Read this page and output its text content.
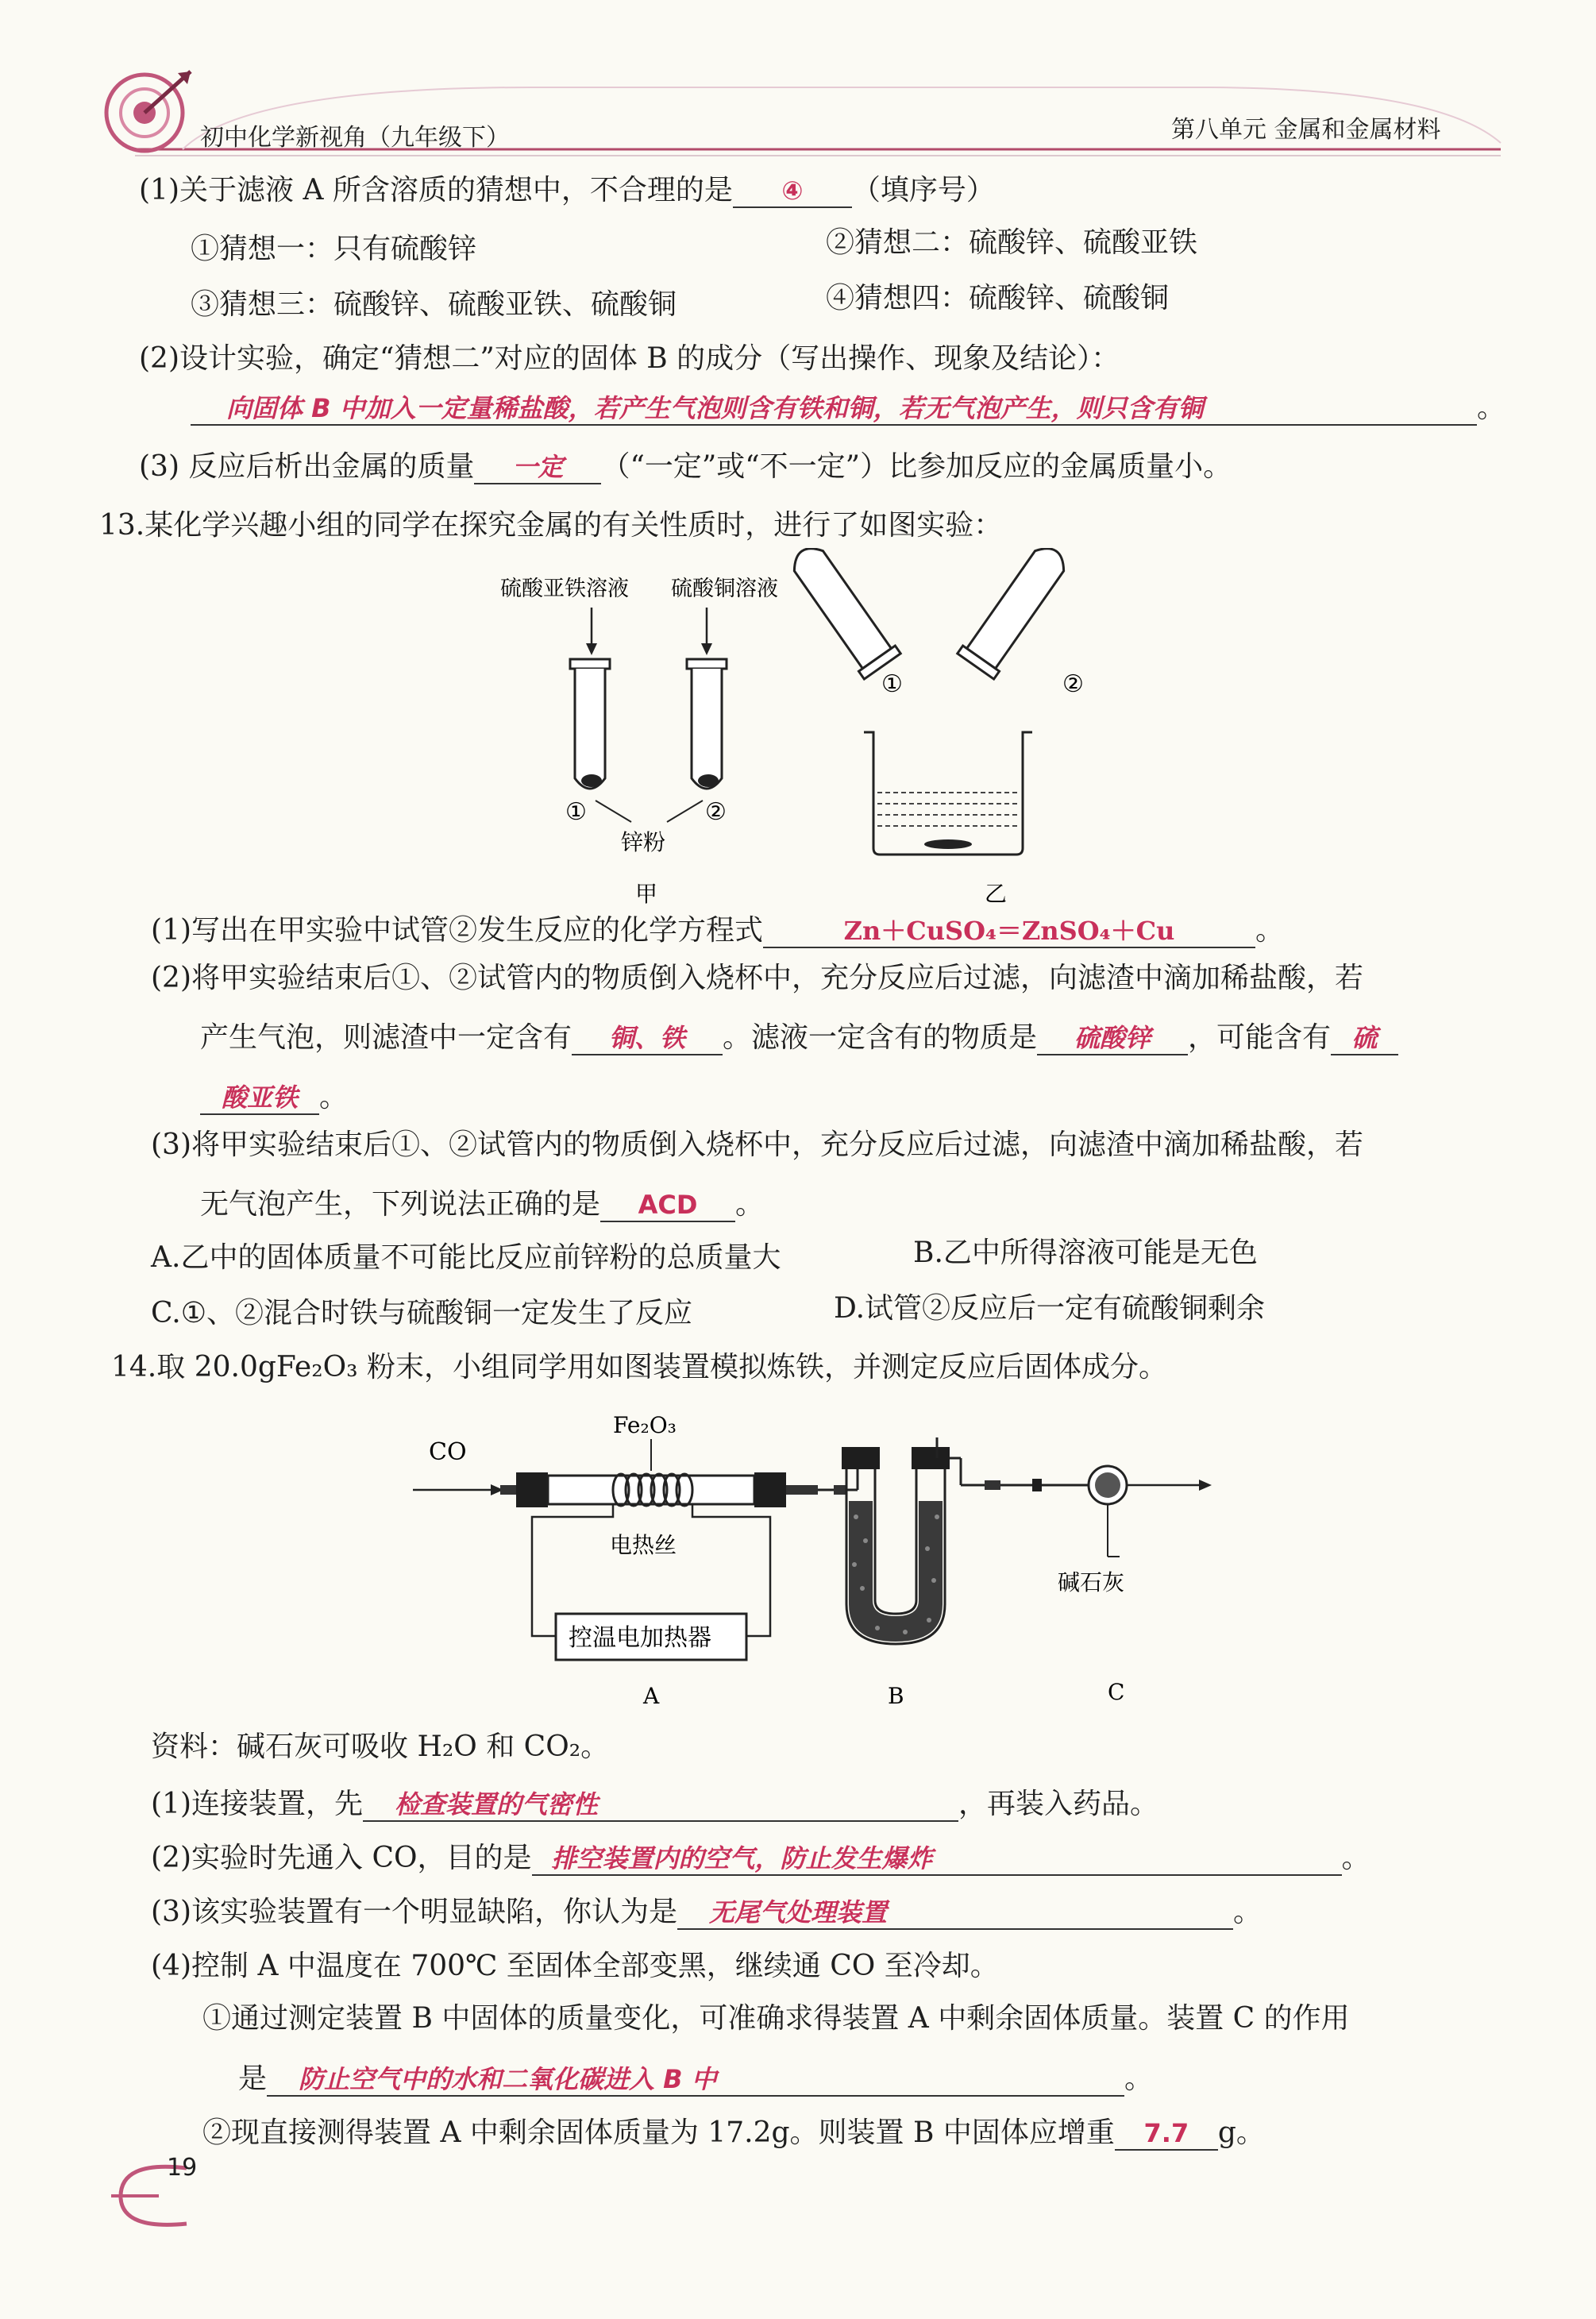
初中化学新视角（九年级下）	第八单元 金属和金属材料
(1)关于滤液 A 所含溶质的猜想中，不合理的是 ④ （填序号）
①猜想一：只有硫酸锌	②猜想二：硫酸锌、硫酸亚铁
③猜想三：硫酸锌、硫酸亚铁、硫酸铜	④猜想四：硫酸锌、硫酸铜
(2)设计实验，确定“猜想二”对应的固体 B 的成分（写出操作、现象及结论）：
向固体 B 中加入一定量稀盐酸，若产生气泡则含有铁和铜，若无气泡产生，则只含有铜	。
(3) 反应后析出金属的质量 一定 （“一定”或“不一定”）比参加反应的金属质量小。
13.某化学兴趣小组的同学在探究金属的有关性质时，进行了如图实验：
硫酸亚铁溶液 硫酸铜溶液
①	②
锌粉
甲
①	②
乙
(1)写出在甲实验中试管②发生反应的化学方程式	Zn＋CuSO₄＝ZnSO₄＋Cu	。
(2)将甲实验结束后①、②试管内的物质倒入烧杯中，充分反应后过滤，向滤渣中滴加稀盐酸，若
产生气泡，则滤渣中一定含有 铜、铁 。滤液一定含有的物质是 硫酸锌 ，可能含有 硫
酸亚铁 。
(3)将甲实验结束后①、②试管内的物质倒入烧杯中，充分反应后过滤，向滤渣中滴加稀盐酸，若
无气泡产生，下列说法正确的是 ACD 。
A.乙中的固体质量不可能比反应前锌粉的总质量大	B.乙中所得溶液可能是无色
C.①、②混合时铁与硫酸铜一定发生了反应	D.试管②反应后一定有硫酸铜剩余
14.取 20.0gFe₂O₃ 粉末，小组同学用如图装置模拟炼铁，并测定反应后固体成分。
CO
Fe₂O₃
电热丝
控温电加热器
A	B
碱石灰
C
资料：碱石灰可吸收 H₂O 和 CO₂。
(1)连接装置，先 检查装置的气密性	，再装入药品。
(2)实验时先通入 CO，目的是 排空装置内的空气，防止发生爆炸	。
(3)该实验装置有一个明显缺陷，你认为是 无尾气处理装置	。
(4)控制 A 中温度在 700℃ 至固体全部变黑，继续通 CO 至冷却。
①通过测定装置 B 中固体的质量变化，可准确求得装置 A 中剩余固体质量。装置 C 的作用
是 防止空气中的水和二氧化碳进入 B 中	。
②现直接测得装置 A 中剩余固体质量为 17.2g。则装置 B 中固体应增重 7.7 g。
19
